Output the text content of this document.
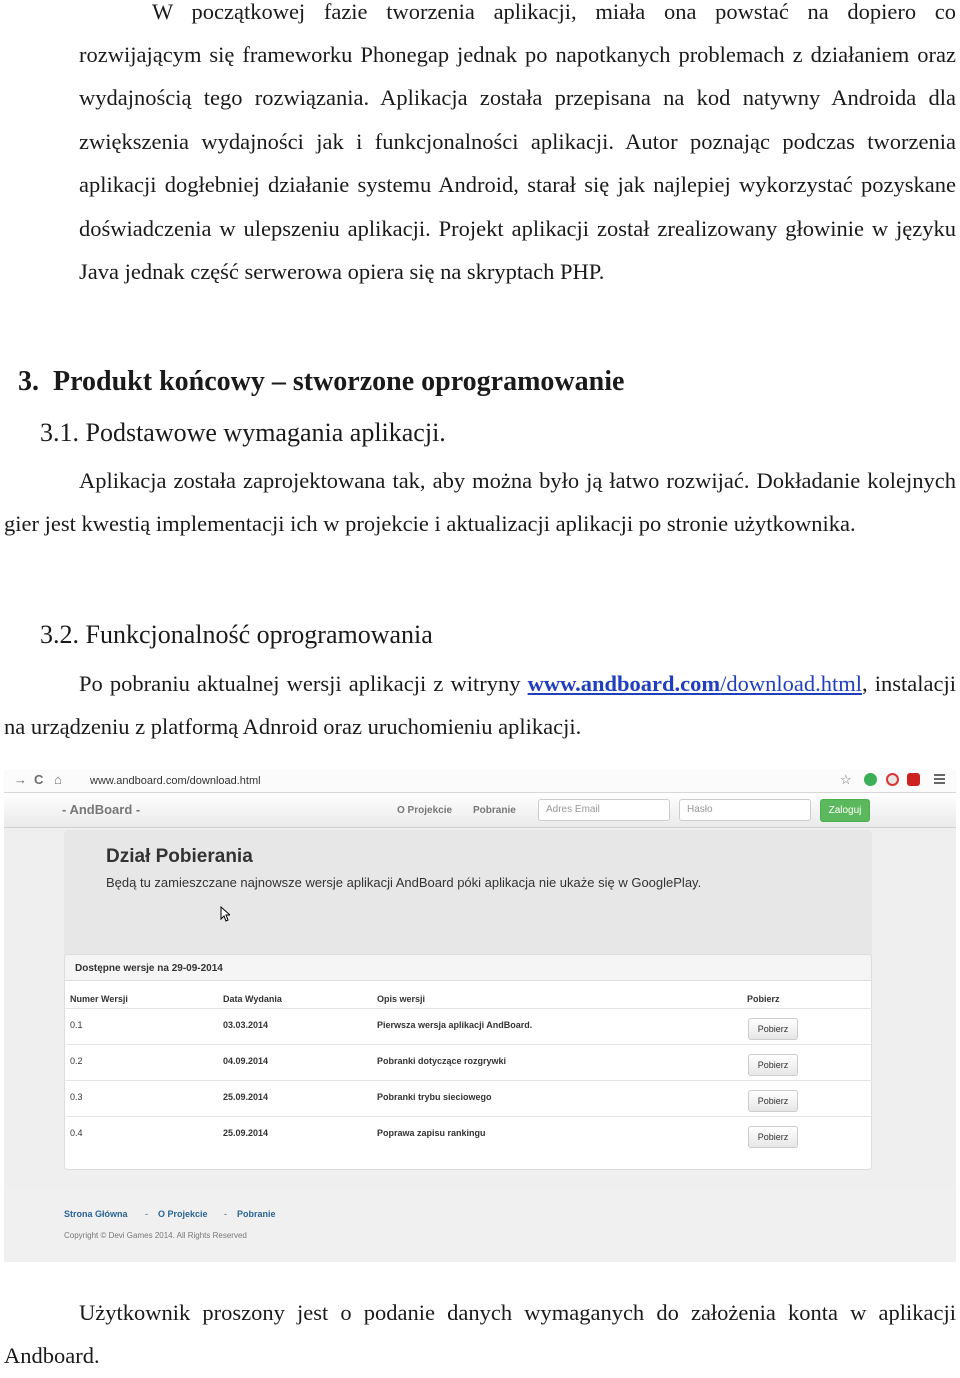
W początkowej fazie tworzenia aplikacji, miała ona powstać na dopiero co

rozwijającym się frameworku Phonegap jednak po napotkanych problemach z działaniem oraz wydajnością tego rozwiązania. Aplikacja została przepisana na kod natywny Androida dla zwiększenia wydajności jak i funkcjonalności aplikacji. Autor poznając podczas tworzenia aplikacji dogłebniej działanie systemu Android, starał się jak najlepiej wykorzystać pozyskane doświadczenia w ulepszeniu aplikacji. Projekt aplikacji został zrealizowany głowinie w języku Java jednak część serwerowa opiera się na skryptach PHP.

3.  Produkt końcowy – stworzone oprogramowanie
3.1. Podstawowe wymagania aplikacji.

Aplikacja została zaprojektowana tak, aby można było ją łatwo rozwijać. Dokładanie kolejnych gier jest kwestią implementacji ich w projekcie i aktualizacji aplikacji po stronie użytkownika.

3.2. Funkcjonalność oprogramowania

Po pobraniu aktualnej wersji aplikacji z witryny www.andboard.com/download.html, instalacji na urządzeniu z platformą Adnroid oraz uruchomieniu aplikacji.

→ C ⌂	www.andboard.com/download.html	☆
- AndBoard -	O Projekcie Pobranie	Adres Email	Hasło	Zaloguj
Dział Pobierania
Będą tu zamieszczane najnowsze wersje aplikacji AndBoard póki aplikacja nie ukaże się w GooglePlay.
Dostępne wersje na 29-09-2014
Numer Wersji	Data Wydania	Opis wersji	Pobierz
0.1	03.03.2014	Pierwsza wersja aplikacji AndBoard.	Pobierz
0.2	04.09.2014	Pobranki dotyczące rozgrywki	Pobierz
0.3	25.09.2014	Pobranki trybu sieciowego	Pobierz
0.4	25.09.2014	Poprawa zapisu rankingu	Pobierz
Strona Główna - O Projekcie - Pobranie
Copyright © Devi Games 2014. All Rights Reserved

Użytkownik proszony jest o podanie danych wymaganych do założenia konta w aplikacji Andboard.
